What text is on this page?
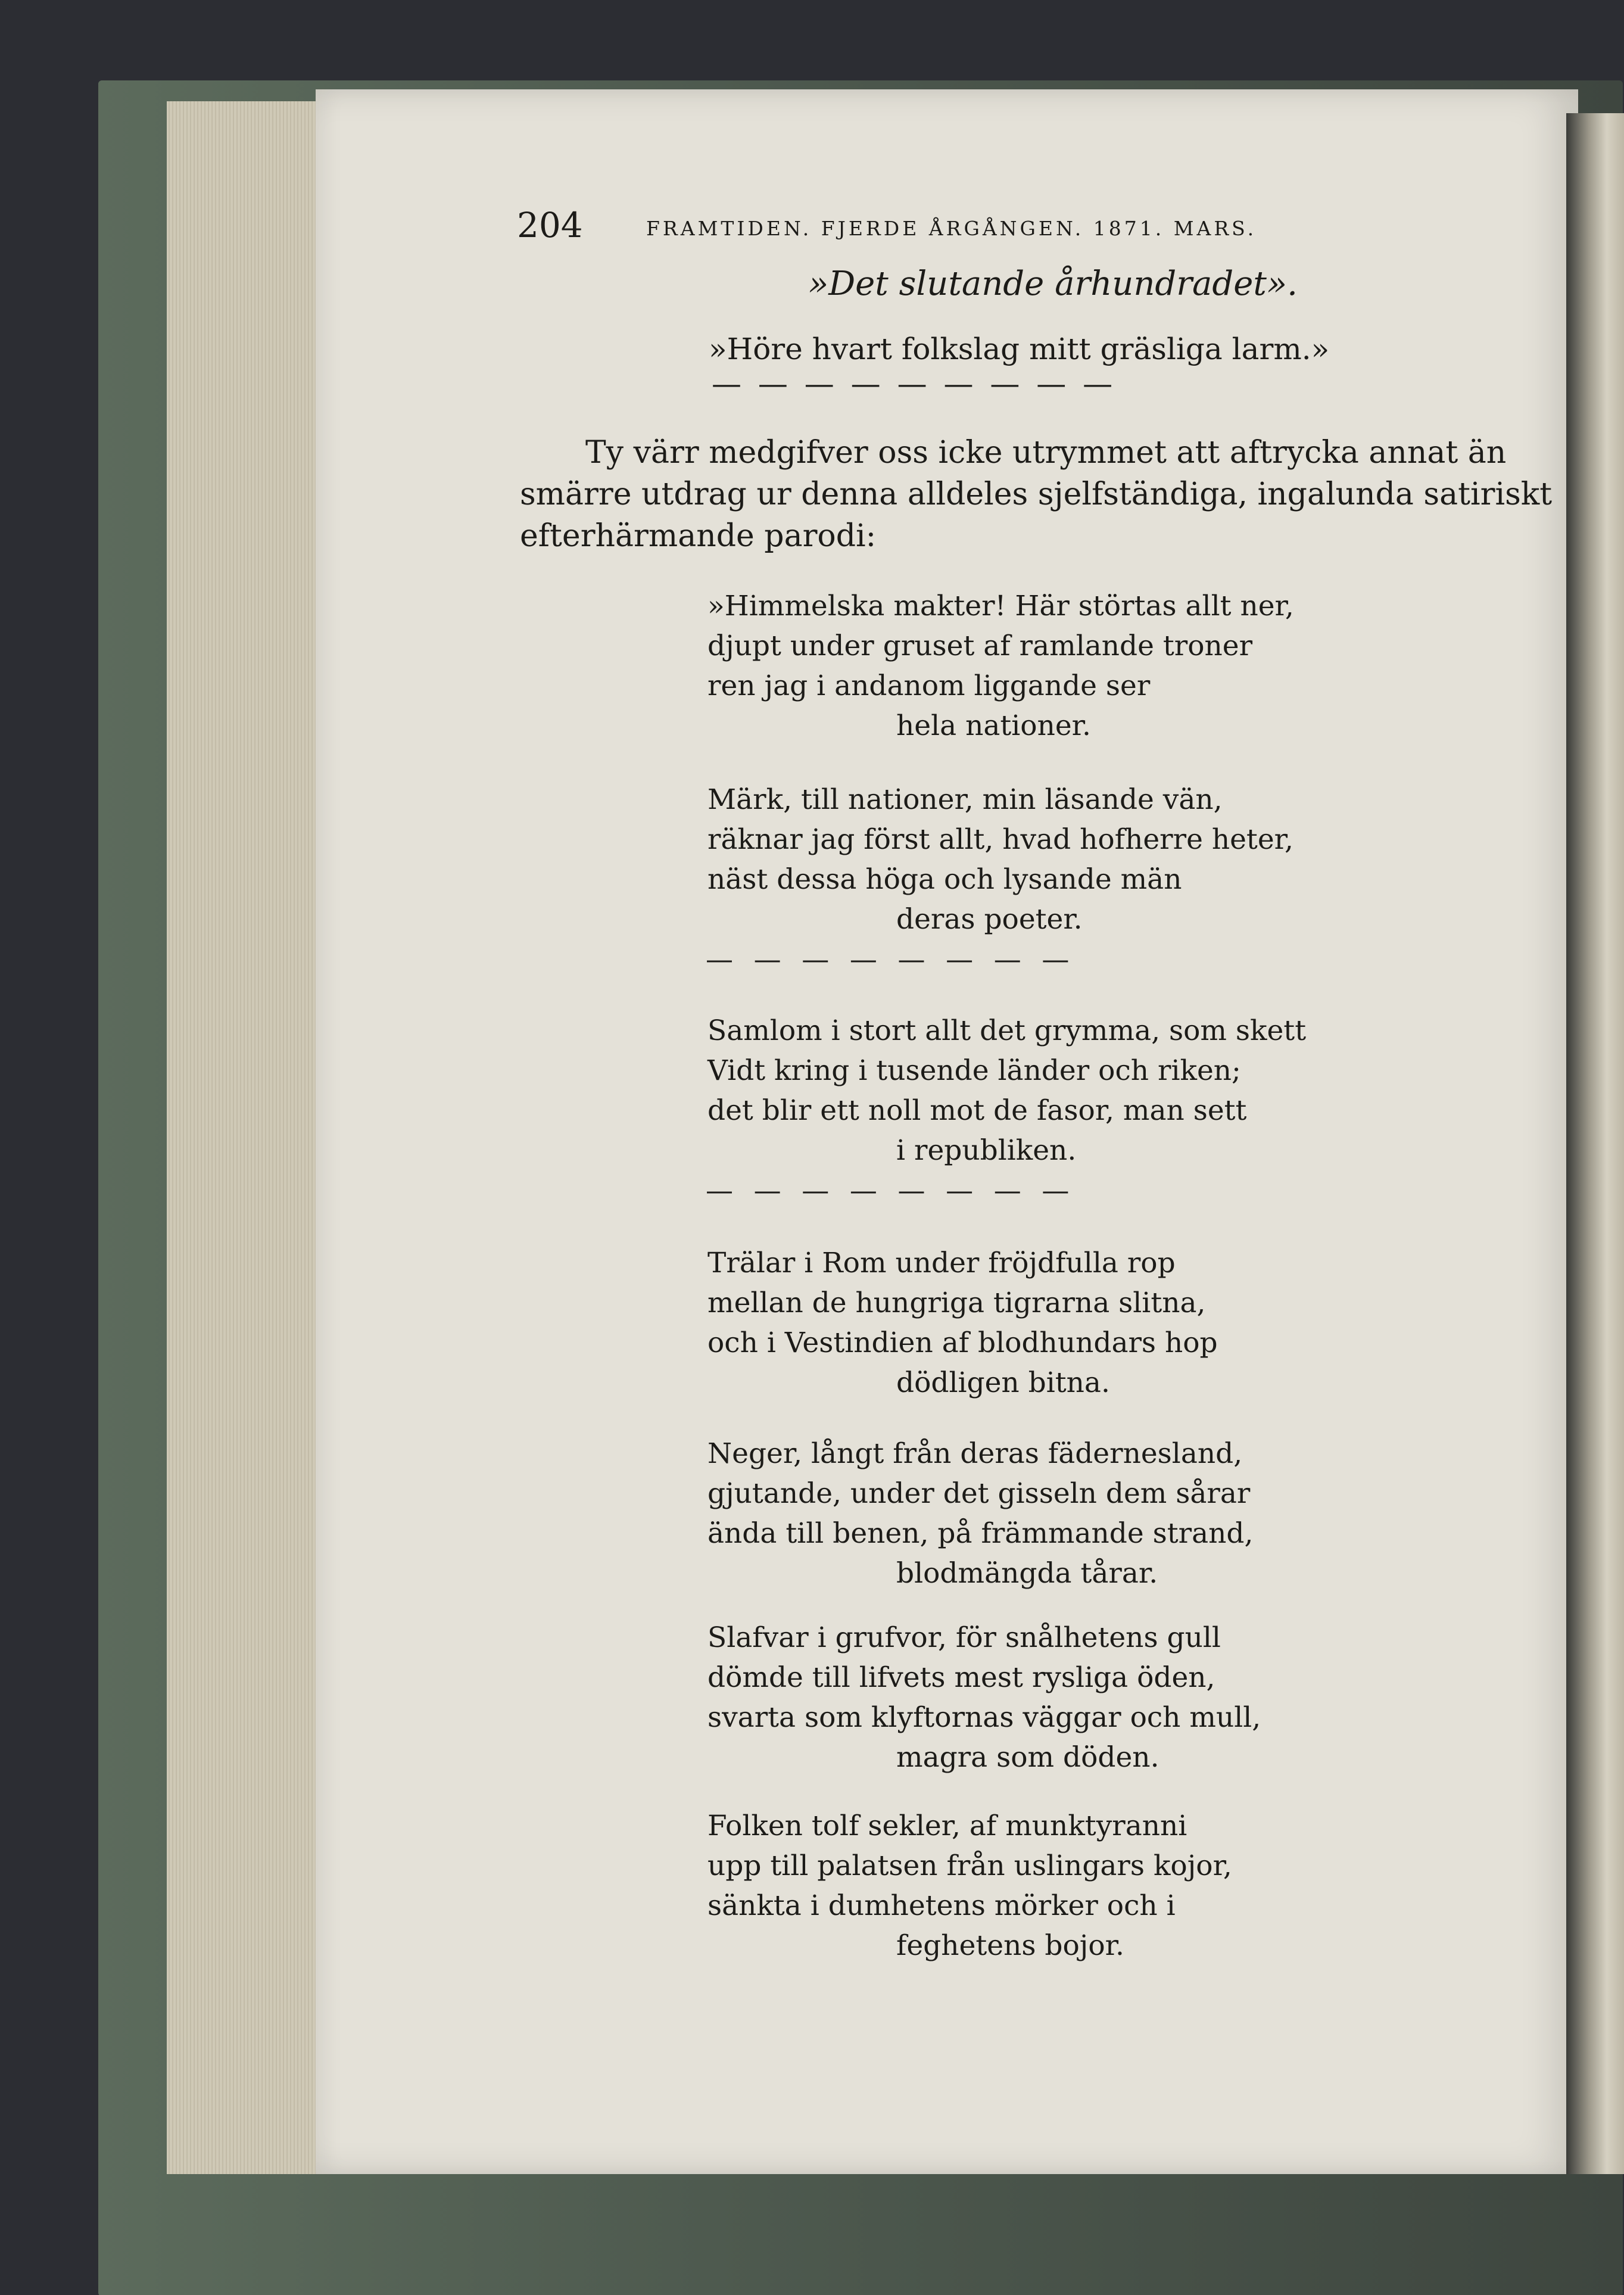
204	FRAMTIDEN. FJERDE ÅRGÅNGEN. 1871. MARS.
»Det slutande århundradet».
»Höre hvart folkslag mitt gräsliga larm.»
— — — — — — — — —
Ty värr medgifver oss icke utrymmet att aftrycka annat än
smärre utdrag ur denna alldeles sjelfständiga, ingalunda satiriskt
efterhärmande parodi:
»Himmelska makter! Här störtas allt ner,
djupt under gruset af ramlande troner
ren jag i andanom liggande ser
hela nationer.
Märk, till nationer, min läsande vän,
räknar jag först allt, hvad hofherre heter,
näst dessa höga och lysande män
deras poeter.
— — — — — — — —
Samlom i stort allt det grymma, som skett
Vidt kring i tusende länder och riken;
det blir ett noll mot de fasor, man sett
i republiken.
— — — — — — — —
Trälar i Rom under fröjdfulla rop
mellan de hungriga tigrarna slitna,
och i Vestindien af blodhundars hop
dödligen bitna.
Neger, långt från deras fädernesland,
gjutande, under det gisseln dem sårar
ända till benen, på främmande strand,
blodmängda tårar.
Slafvar i grufvor, för snålhetens gull
dömde till lifvets mest rysliga öden,
svarta som klyftornas väggar och mull,
magra som döden.
Folken tolf sekler, af munktyranni
upp till palatsen från uslingars kojor,
sänkta i dumhetens mörker och i
feghetens bojor.
